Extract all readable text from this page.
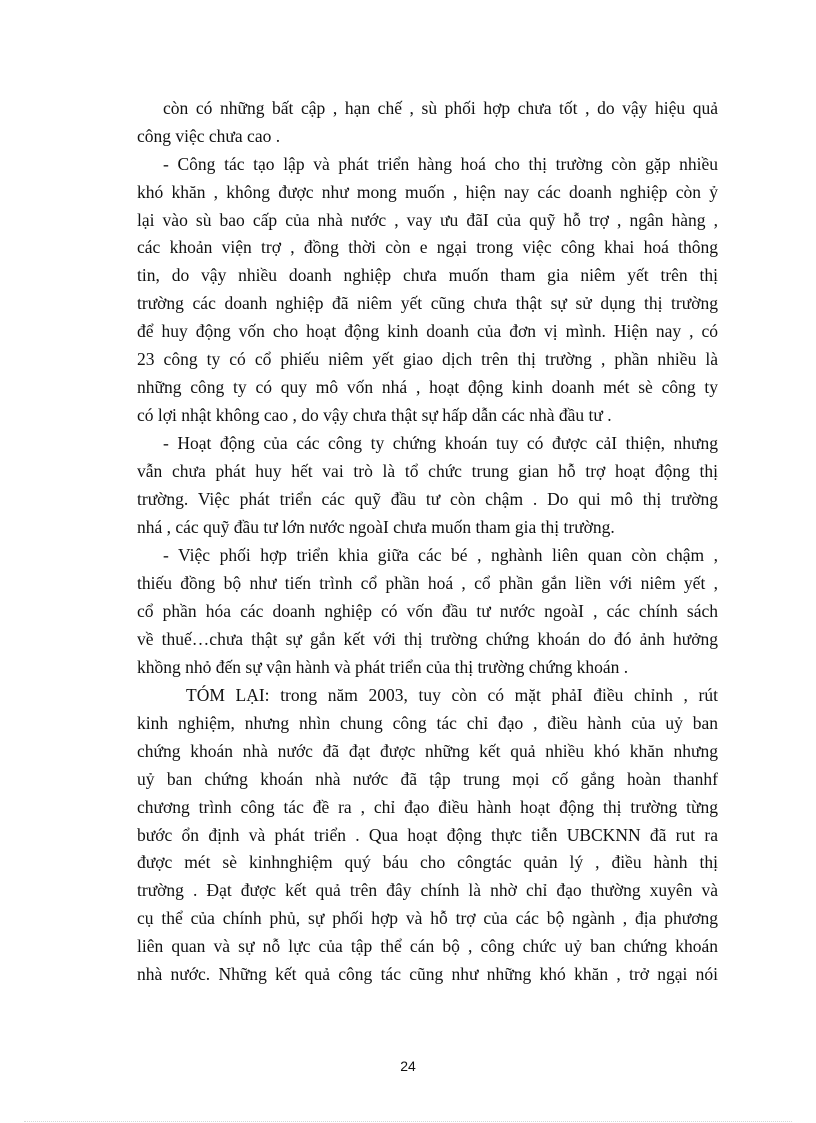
còn có những bất cập , hạn chế , sù phối hợp chưa tốt , do vậy hiệu quả
công việc chưa cao .
- Công tác tạo lập và phát triển hàng hoá cho thị trường còn gặp nhiều
khó khăn , không được như mong muốn , hiện nay các doanh nghiệp còn ỷ
lại vào sù bao cấp của nhà nước , vay ưu đãI của quỹ hỗ trợ , ngân hàng ,
các khoản viện trợ , đồng thời còn e ngại trong việc công khai hoá thông
tin, do vậy nhiều doanh nghiệp chưa muốn tham gia niêm yết trên thị
trường các doanh nghiệp đã niêm yết cũng chưa thật sự sử dụng thị trường
để huy động vốn cho hoạt động kinh doanh của đơn vị mình. Hiện nay , có
23 công ty có cổ phiếu niêm yết giao dịch trên thị trường , phần nhiều là
những công ty có quy mô vốn nhá , hoạt động kinh doanh mét sè công ty
có lợi nhật không cao , do vậy chưa thật sự hấp dẫn các nhà đầu tư .
- Hoạt động của các công ty chứng khoán tuy có được cảI thiện, nhưng
vẫn chưa phát huy hết vai trò là tổ chức trung gian hỗ trợ hoạt động thị
trường. Việc phát triển các quỹ đầu tư còn chậm . Do qui mô thị trường
nhá , các quỹ đầu tư lớn nước ngoàI chưa muốn tham gia thị trường.
- Việc phối hợp triển khia giữa các bé , nghành liên quan còn chậm ,
thiếu đồng bộ như tiến trình cổ phần hoá , cổ phần gắn liền với niêm yết ,
cổ phần hóa các doanh nghiệp có vốn đầu tư nước ngoàI , các chính sách
về thuế…chưa thật sự gắn kết với thị trường chứng khoán do đó ảnh hưởng
khồng nhỏ đến sự vận hành và phát triển của thị trường chứng khoán .
TÓM LẠI: trong năm 2003, tuy còn có mặt phảI điều chỉnh , rút
kinh nghiệm, nhưng nhìn chung công tác chỉ đạo , điều hành của uỷ ban
chứng khoán nhà nước đã đạt được những kết quả nhiều khó khăn nhưng
uỷ ban chứng khoán nhà nước đã tập trung mọi cố gắng hoàn thanhf
chương trình công tác đề ra , chỉ đạo điều hành hoạt động thị trường từng
bước ổn định và phát triển . Qua hoạt động thực tiễn UBCKNN đã rut ra
được mét sè kinhnghiệm quý báu cho côngtác quản lý , điều hành thị
trường . Đạt được kết quả trên đây chính là nhờ chỉ đạo thường xuyên và
cụ thể của chính phủ, sự phối hợp và hỗ trợ của các bộ ngành , địa phương
liên quan và sự nỗ lực của tập thể cán bộ , công chức uỷ ban chứng khoán
nhà nước. Những kết quả công tác cũng như những khó khăn , trở ngại nói
24
